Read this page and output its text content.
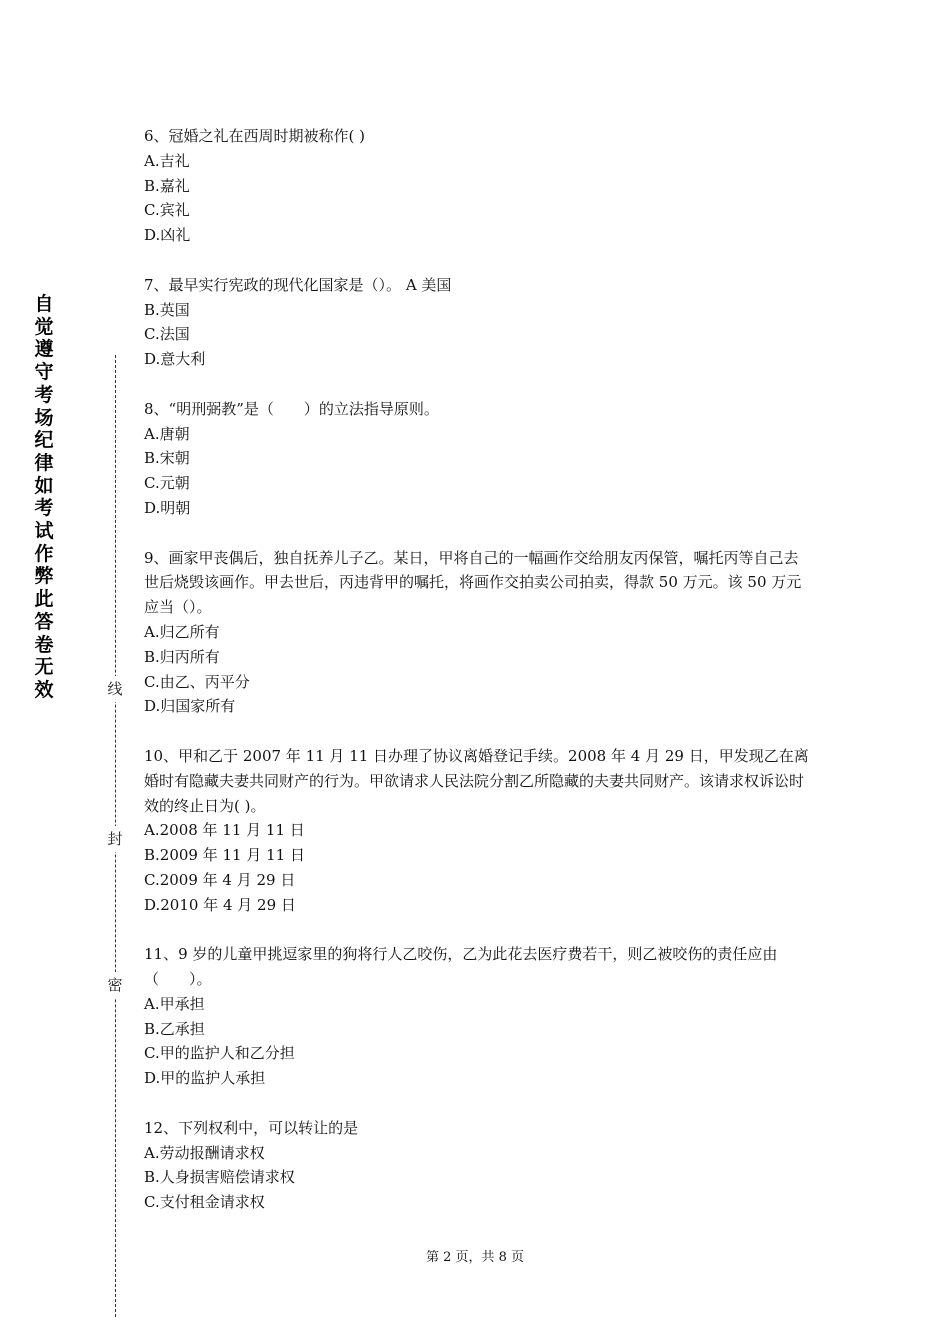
自
觉
遵
守
考
场
纪
律
如
考
试
作
弊
此
答
卷
无
效	线
封
密

6、冠婚之礼在西周时期被称作( )

A.吉礼

B.嘉礼

C.宾礼

D.凶礼

7、最早实行宪政的现代化国家是（）。 A 美国

B.英国

C.法国

D.意大利

8、“明刑弼教”是（　　）的立法指导原则。

A.唐朝

B.宋朝

C.元朝

D.明朝

9、画家甲丧偶后，独自抚养儿子乙。某日，甲将自己的一幅画作交给朋友丙保管，嘱托丙等自己去世后烧毁该画作。甲去世后，丙违背甲的嘱托，将画作交拍卖公司拍卖，得款 50 万元。该 50 万元应当（）。

A.归乙所有

B.归丙所有

C.由乙、丙平分

D.归国家所有

10、甲和乙于 2007 年 11 月 11 日办理了协议离婚登记手续。2008 年 4 月 29 日，甲发现乙在离婚时有隐藏夫妻共同财产的行为。甲欲请求人民法院分割乙所隐藏的夫妻共同财产。该请求权诉讼时效的终止日为( )。

A.2008 年 11 月 11 日

B.2009 年 11 月 11 日

C.2009 年 4 月 29 日

D.2010 年 4 月 29 日

11、9 岁的儿童甲挑逗家里的狗将行人乙咬伤，乙为此花去医疗费若干，则乙被咬伤的责任应由（　　）。

A.甲承担

B.乙承担

C.甲的监护人和乙分担

D.甲的监护人承担

12、下列权利中，可以转让的是

A.劳动报酬请求权

B.人身损害赔偿请求权

C.支付租金请求权

第 2 页，共 8 页
